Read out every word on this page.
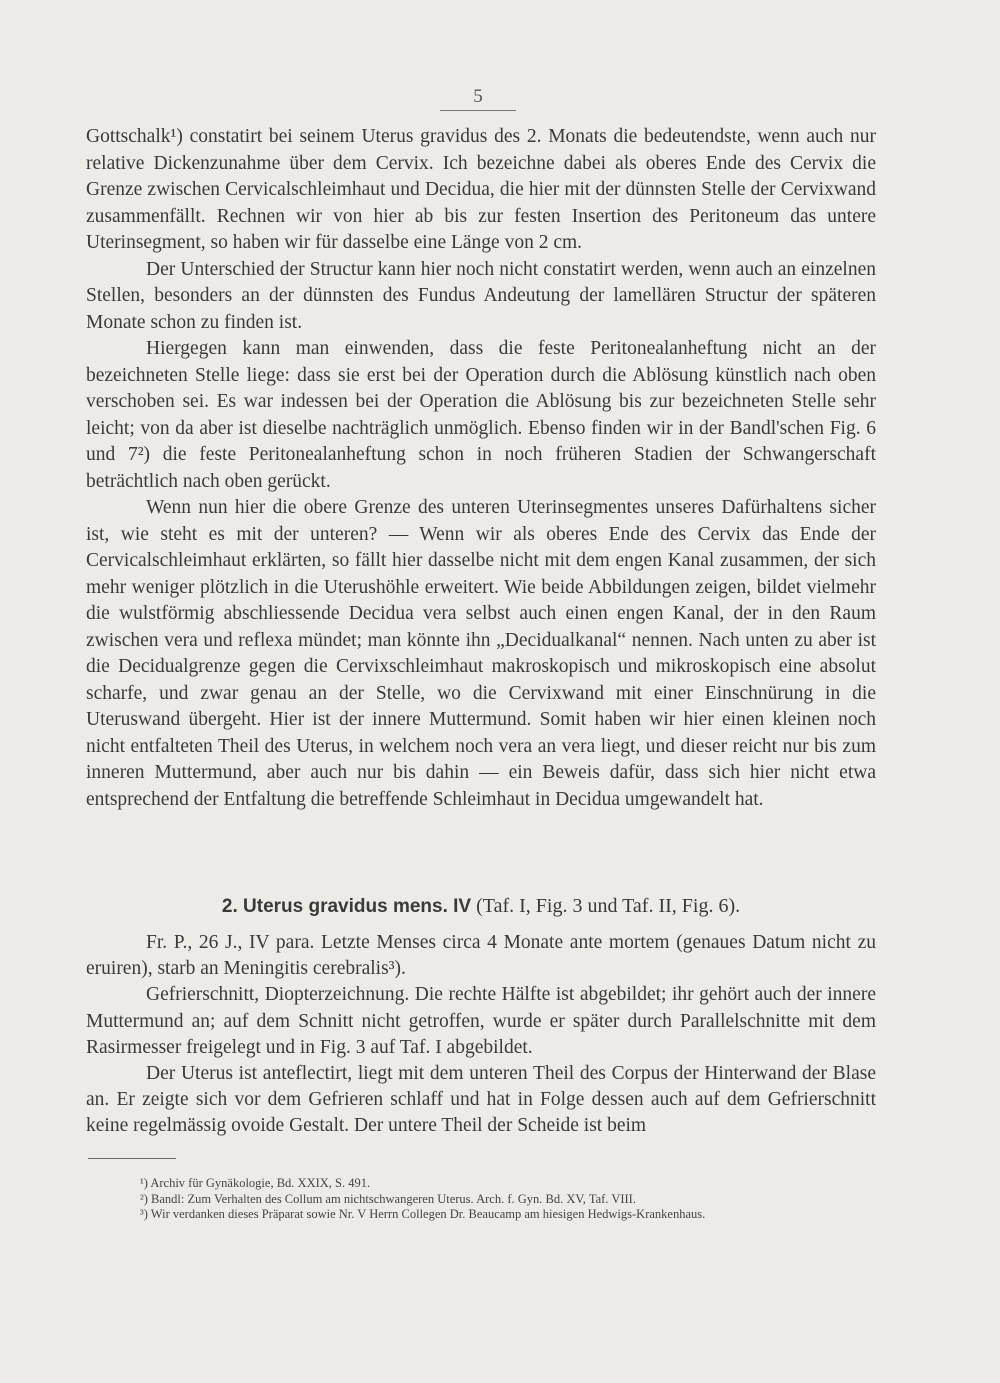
5

Gottschalk¹) constatirt bei seinem Uterus gravidus des 2. Monats die bedeutendste, wenn auch nur relative Dickenzunahme über dem Cervix. Ich bezeichne dabei als oberes Ende des Cervix die Grenze zwischen Cervicalschleimhaut und Decidua, die hier mit der dünnsten Stelle der Cervixwand zusammenfällt. Rechnen wir von hier ab bis zur festen Insertion des Peritoneum das untere Uterinsegment, so haben wir für dasselbe eine Länge von 2 cm.

Der Unterschied der Structur kann hier noch nicht constatirt werden, wenn auch an einzelnen Stellen, besonders an der dünnsten des Fundus Andeutung der lamellären Structur der späteren Monate schon zu finden ist.

Hiergegen kann man einwenden, dass die feste Peritonealanheftung nicht an der bezeichneten Stelle liege: dass sie erst bei der Operation durch die Ablösung künstlich nach oben verschoben sei. Es war indessen bei der Operation die Ablösung bis zur bezeichneten Stelle sehr leicht; von da aber ist dieselbe nachträglich unmöglich. Ebenso finden wir in der Bandl'schen Fig. 6 und 7²) die feste Peritonealanheftung schon in noch früheren Stadien der Schwangerschaft beträchtlich nach oben gerückt.

Wenn nun hier die obere Grenze des unteren Uterinsegmentes unseres Dafürhaltens sicher ist, wie steht es mit der unteren? — Wenn wir als oberes Ende des Cervix das Ende der Cervicalschleimhaut erklärten, so fällt hier dasselbe nicht mit dem engen Kanal zusammen, der sich mehr weniger plötzlich in die Uterushöhle erweitert. Wie beide Abbildungen zeigen, bildet vielmehr die wulstförmig abschliessende Decidua vera selbst auch einen engen Kanal, der in den Raum zwischen vera und reflexa mündet; man könnte ihn „Decidualkanal“ nennen. Nach unten zu aber ist die Decidualgrenze gegen die Cervixschleimhaut makroskopisch und mikroskopisch eine absolut scharfe, und zwar genau an der Stelle, wo die Cervixwand mit einer Einschnürung in die Uteruswand übergeht. Hier ist der innere Muttermund. Somit haben wir hier einen kleinen noch nicht entfalteten Theil des Uterus, in welchem noch vera an vera liegt, und dieser reicht nur bis zum inneren Muttermund, aber auch nur bis dahin — ein Beweis dafür, dass sich hier nicht etwa entsprechend der Entfaltung die betreffende Schleimhaut in Decidua umgewandelt hat.

2. Uterus gravidus mens. IV (Taf. I, Fig. 3 und Taf. II, Fig. 6).

Fr. P., 26 J., IV para. Letzte Menses circa 4 Monate ante mortem (genaues Datum nicht zu eruiren), starb an Meningitis cerebralis³).

Gefrierschnitt, Diopterzeichnung. Die rechte Hälfte ist abgebildet; ihr gehört auch der innere Muttermund an; auf dem Schnitt nicht getroffen, wurde er später durch Parallelschnitte mit dem Rasirmesser freigelegt und in Fig. 3 auf Taf. I abgebildet.

Der Uterus ist anteflectirt, liegt mit dem unteren Theil des Corpus der Hinterwand der Blase an. Er zeigte sich vor dem Gefrieren schlaff und hat in Folge dessen auch auf dem Gefrierschnitt keine regelmässig ovoide Gestalt. Der untere Theil der Scheide ist beim

¹) Archiv für Gynäkologie, Bd. XXIX, S. 491.
²) Bandl: Zum Verhalten des Collum am nichtschwangeren Uterus. Arch. f. Gyn. Bd. XV, Taf. VIII.
³) Wir verdanken dieses Präparat sowie Nr. V Herrn Collegen Dr. Beaucamp am hiesigen Hedwigs-Krankenhaus.
